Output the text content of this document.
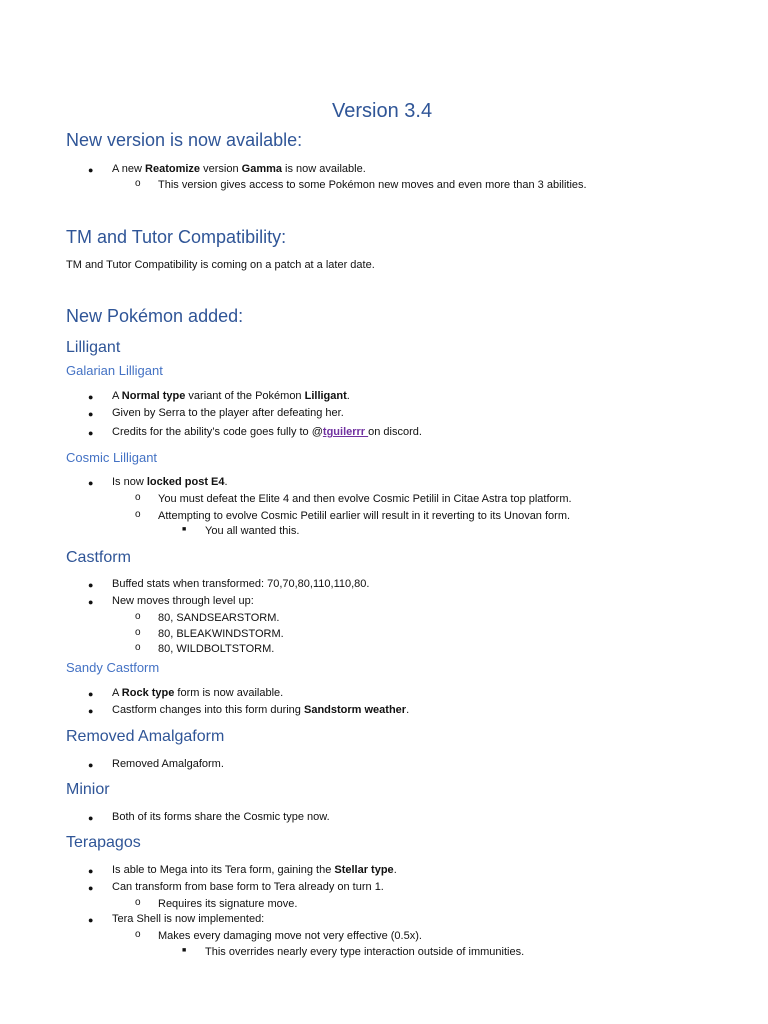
Version 3.4
New version is now available:
● A new Reatomize version Gamma is now available.
o This version gives access to some Pokémon new moves and even more than 3 abilities.
TM and Tutor Compatibility:
TM and Tutor Compatibility is coming on a patch at a later date.
New Pokémon added:
Lilligant
Galarian Lilligant
● A Normal type variant of the Pokémon Lilligant.
● Given by Serra to the player after defeating her.
● Credits for the ability’s code goes fully to @tguilerrr on discord.
Cosmic Lilligant
● Is now locked post E4.
o You must defeat the Elite 4 and then evolve Cosmic Petilil in Citae Astra top platform.
o Attempting to evolve Cosmic Petilil earlier will result in it reverting to its Unovan form.
■ You all wanted this.
Castform
● Buffed stats when transformed: 70,70,80,110,110,80.
● New moves through level up:
o 80, SANDSEARSTORM.
o 80, BLEAKWINDSTORM.
o 80, WILDBOLTSTORM.
Sandy Castform
● A Rock type form is now available.
● Castform changes into this form during Sandstorm weather.
Removed Amalgaform
● Removed Amalgaform.
Minior
● Both of its forms share the Cosmic type now.
Terapagos
● Is able to Mega into its Tera form, gaining the Stellar type.
● Can transform from base form to Tera already on turn 1.
o Requires its signature move.
● Tera Shell is now implemented:
o Makes every damaging move not very effective (0.5x).
■ This overrides nearly every type interaction outside of immunities.
